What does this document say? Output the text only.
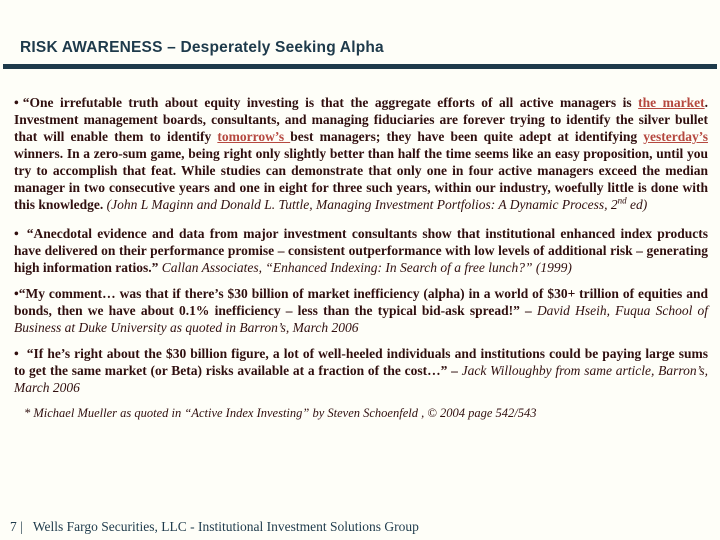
RISK AWARENESS – Desperately Seeking Alpha

• “One irrefutable truth about equity investing is that the aggregate efforts of all active managers is the market. Investment management boards, consultants, and managing fiduciaries are forever trying to identify the silver bullet that will enable them to identify tomorrow’s best managers; they have been quite adept at identifying yesterday’s winners. In a zero-sum game, being right only slightly better than half the time seems like an easy proposition, until you try to accomplish that feat. While studies can demonstrate that only one in four active managers exceed the median manager in two consecutive years and one in eight for three such years, within our industry, woefully little is done with this knowledge. (John L Maginn and Donald L. Tuttle, Managing Investment Portfolios: A Dynamic Process, 2nd ed)

• “Anecdotal evidence and data from major investment consultants show that institutional enhanced index products have delivered on their performance promise – consistent outperformance with low levels of additional risk – generating high information ratios.” Callan Associates, “Enhanced Indexing: In Search of a free lunch?” (1999)

•“My comment… was that if there’s $30 billion of market inefficiency (alpha) in a world of $30+ trillion of equities and bonds, then we have about 0.1% inefficiency – less than the typical bid-ask spread!” – David Hseih, Fuqua School of Business at Duke University as quoted in Barron’s, March 2006

• “If he’s right about the $30 billion figure, a lot of well-heeled individuals and institutions could be paying large sums to get the same market (or Beta) risks available at a fraction of the cost…” – Jack Willoughby from same article, Barron’s, March 2006

* Michael Mueller as quoted in “Active Index Investing” by Steven Schoenfeld , © 2004 page 542/543

7 | Wells Fargo Securities, LLC - Institutional Investment Solutions Group
